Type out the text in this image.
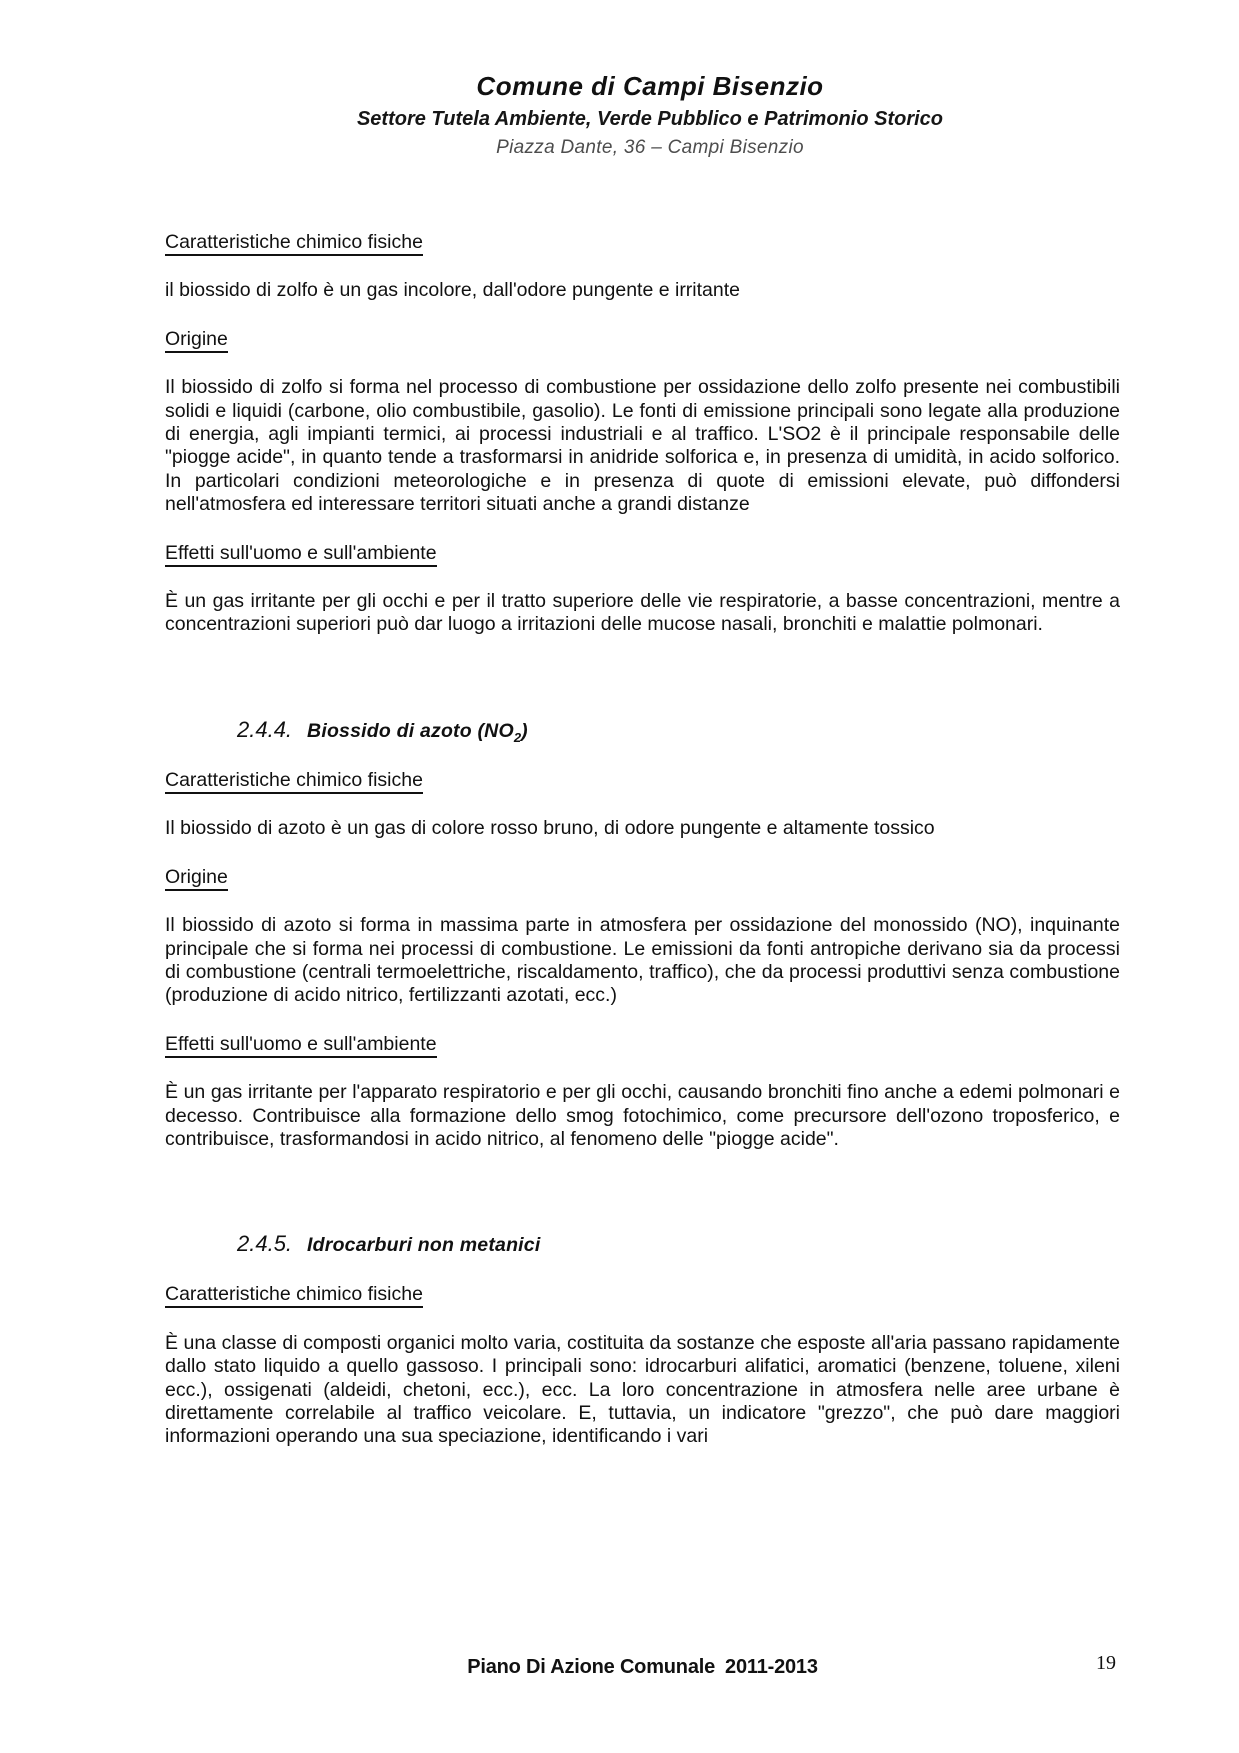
Comune di Campi Bisenzio
Settore Tutela Ambiente, Verde Pubblico e Patrimonio Storico
Piazza Dante, 36 – Campi Bisenzio

Caratteristiche chimico fisiche

il biossido di zolfo è un gas incolore, dall'odore pungente e irritante

Origine

Il biossido di zolfo si forma nel processo di combustione per ossidazione dello zolfo presente nei combustibili solidi e liquidi (carbone, olio combustibile, gasolio). Le fonti di emissione principali sono legate alla produzione di energia, agli impianti termici, ai processi industriali e al traffico. L'SO2 è il principale responsabile delle "piogge acide", in quanto tende a trasformarsi in anidride solforica e, in presenza di umidità, in acido solforico. In particolari condizioni meteorologiche e in presenza di quote di emissioni elevate, può diffondersi nell'atmosfera ed interessare territori situati anche a grandi distanze

Effetti sull'uomo e sull'ambiente

È un gas irritante per gli occhi e per il tratto superiore delle vie respiratorie, a basse concentrazioni, mentre a concentrazioni superiori può dar luogo a irritazioni delle mucose nasali, bronchiti e malattie polmonari.

2.4.4. Biossido di azoto $(NO_2)$

Caratteristiche chimico fisiche

Il biossido di azoto è un gas di colore rosso bruno, di odore pungente e altamente tossico

Origine

Il biossido di azoto si forma in massima parte in atmosfera per ossidazione del monossido (NO), inquinante principale che si forma nei processi di combustione. Le emissioni da fonti antropiche derivano sia da processi di combustione (centrali termoelettriche, riscaldamento, traffico), che da processi produttivi senza combustione (produzione di acido nitrico, fertilizzanti azotati, ecc.)

Effetti sull'uomo e sull'ambiente

È un gas irritante per l'apparato respiratorio e per gli occhi, causando bronchiti fino anche a edemi polmonari e decesso. Contribuisce alla formazione dello smog fotochimico, come precursore dell'ozono troposferico, e contribuisce, trasformandosi in acido nitrico, al fenomeno delle "piogge acide".

2.4.5. Idrocarburi non metanici

Caratteristiche chimico fisiche

È una classe di composti organici molto varia, costituita da sostanze che esposte all'aria passano rapidamente dallo stato liquido a quello gassoso. I principali sono: idrocarburi alifatici, aromatici (benzene, toluene, xileni ecc.), ossigenati (aldeidi, chetoni, ecc.), ecc. La loro concentrazione in atmosfera nelle aree urbane è direttamente correlabile al traffico veicolare. E, tuttavia, un indicatore "grezzo", che può dare maggiori informazioni operando una sua speciazione, identificando i vari

Piano Di Azione Comunale 2011-2013	19
